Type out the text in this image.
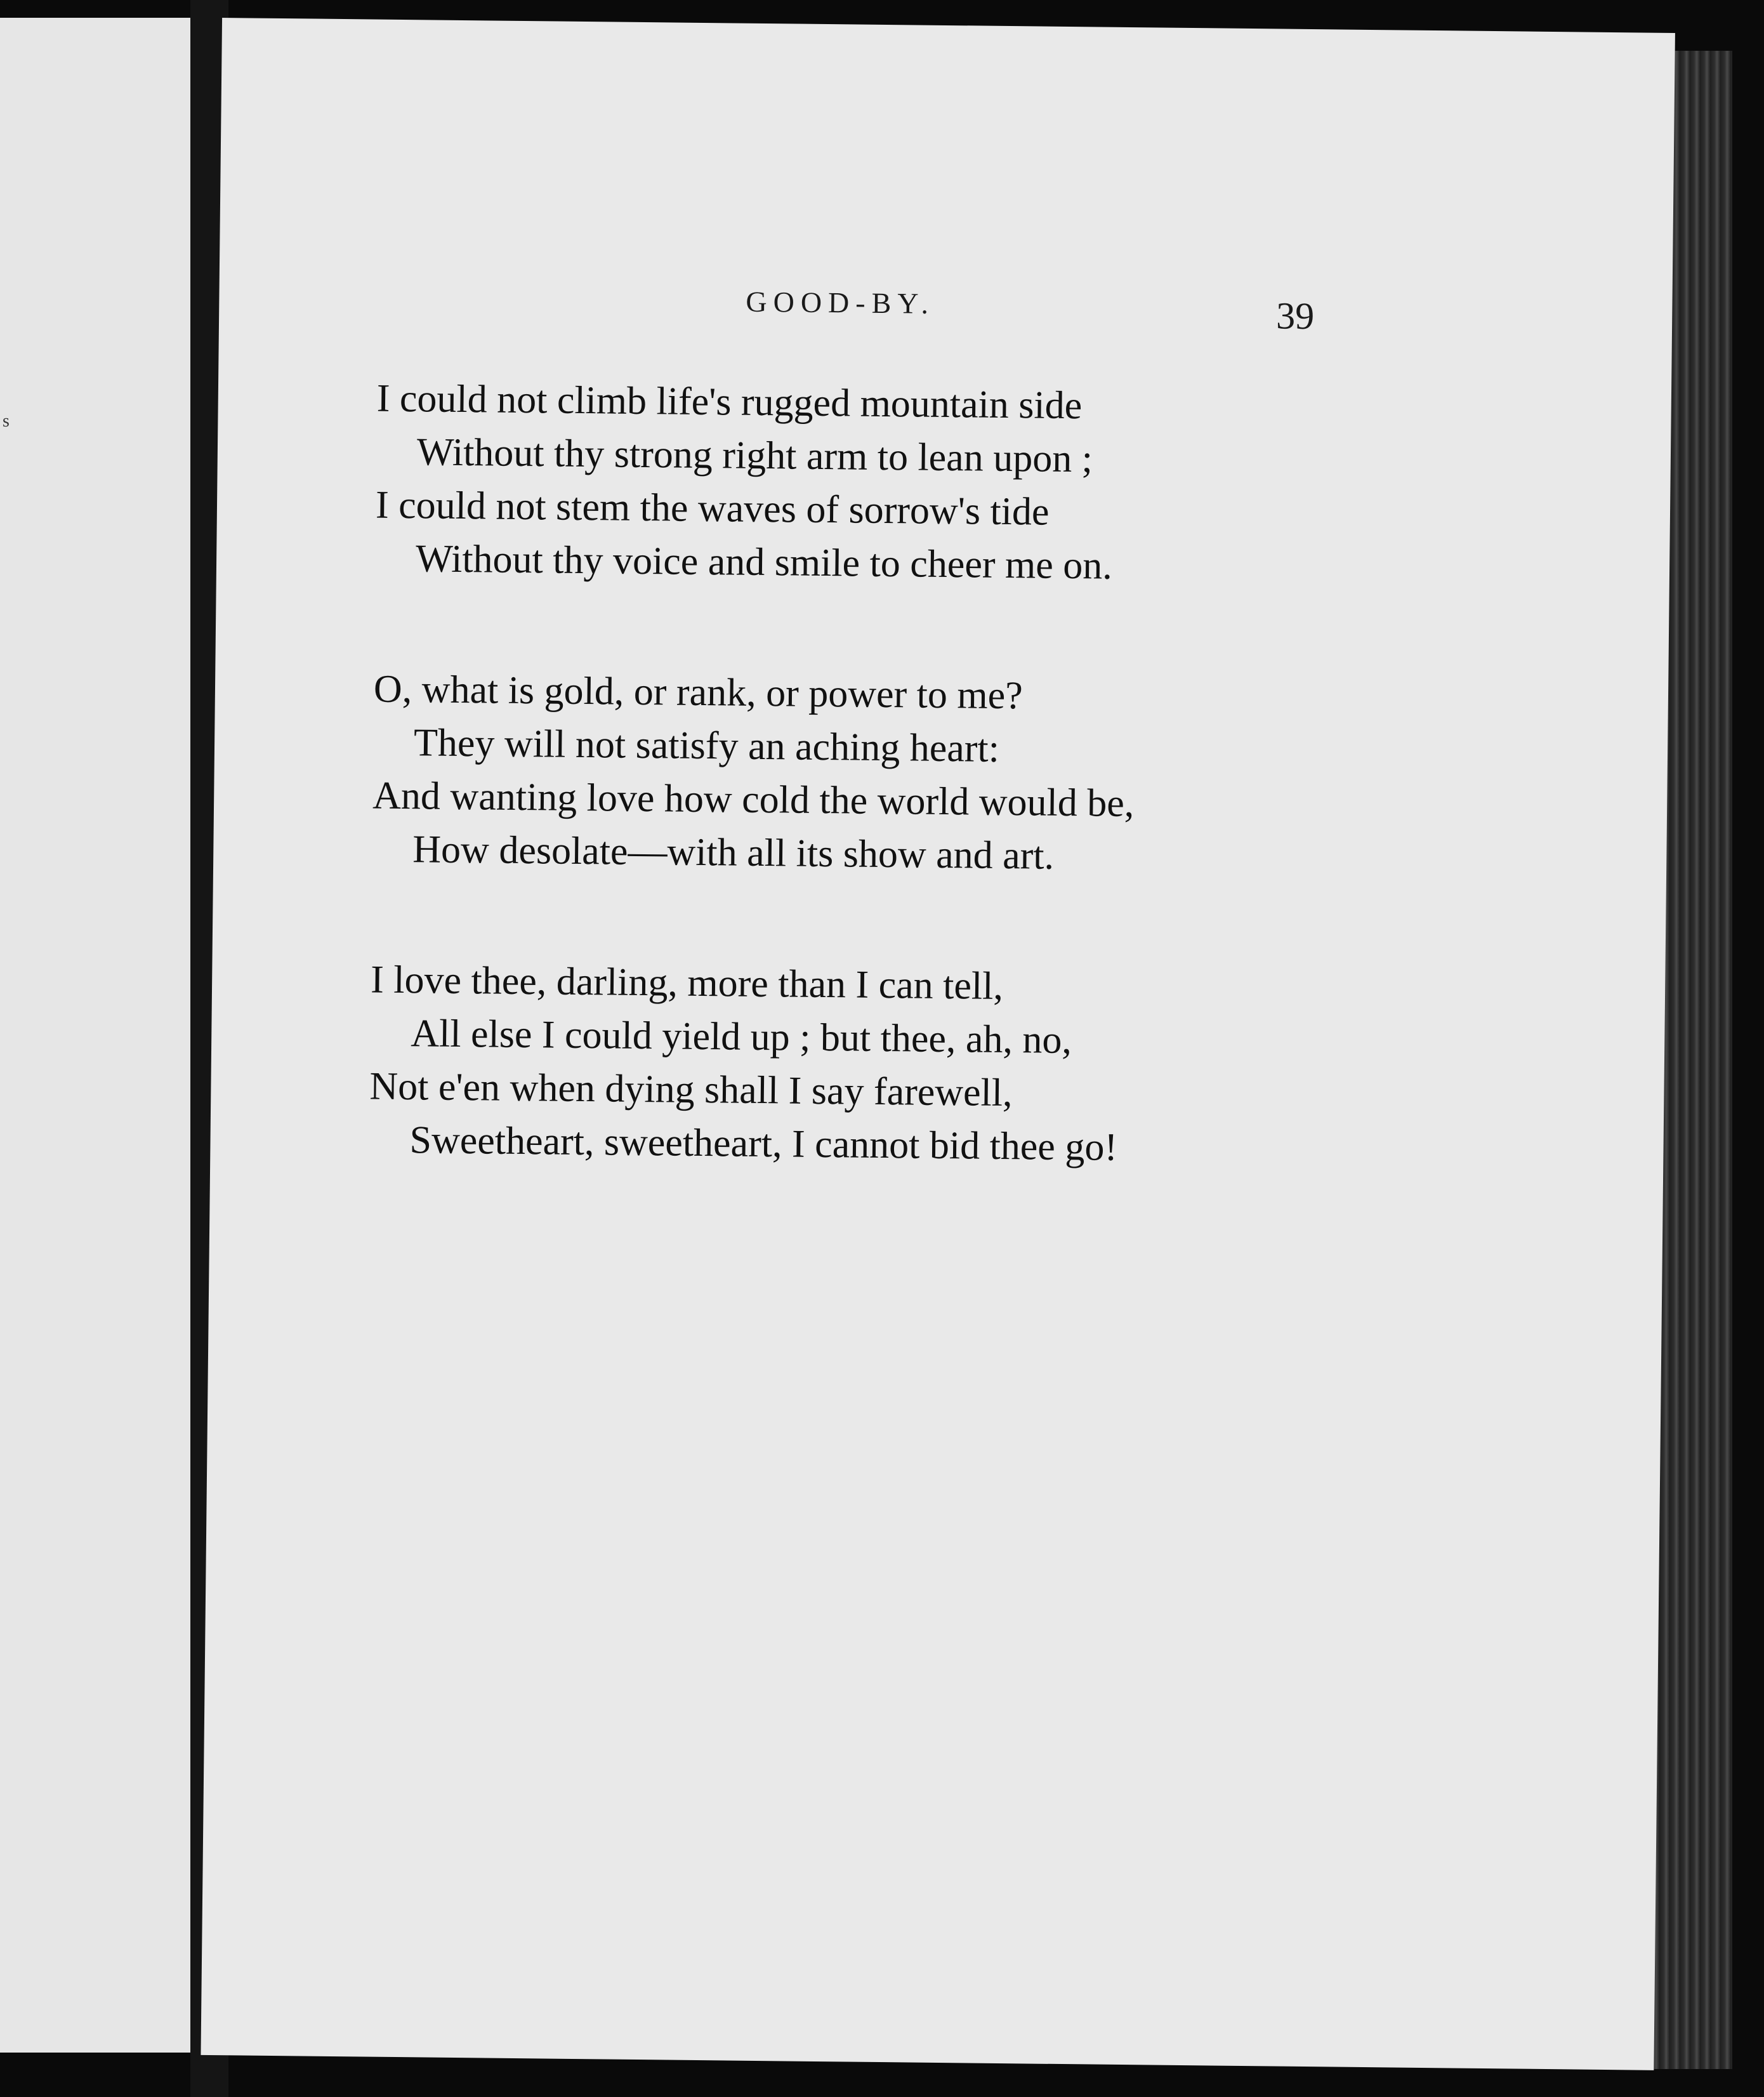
s
GOOD-BY.	39
I could not climb life's rugged mountain side
Without thy strong right arm to lean upon ;
I could not stem the waves of sorrow's tide
Without thy voice and smile to cheer me on.
O, what is gold, or rank, or power to me?
They will not satisfy an aching heart:
And wanting love how cold the world would be,
How desolate—with all its show and art.
I love thee, darling, more than I can tell,
All else I could yield up ; but thee, ah, no,
Not e'en when dying shall I say farewell,
Sweetheart, sweetheart, I cannot bid thee go!
